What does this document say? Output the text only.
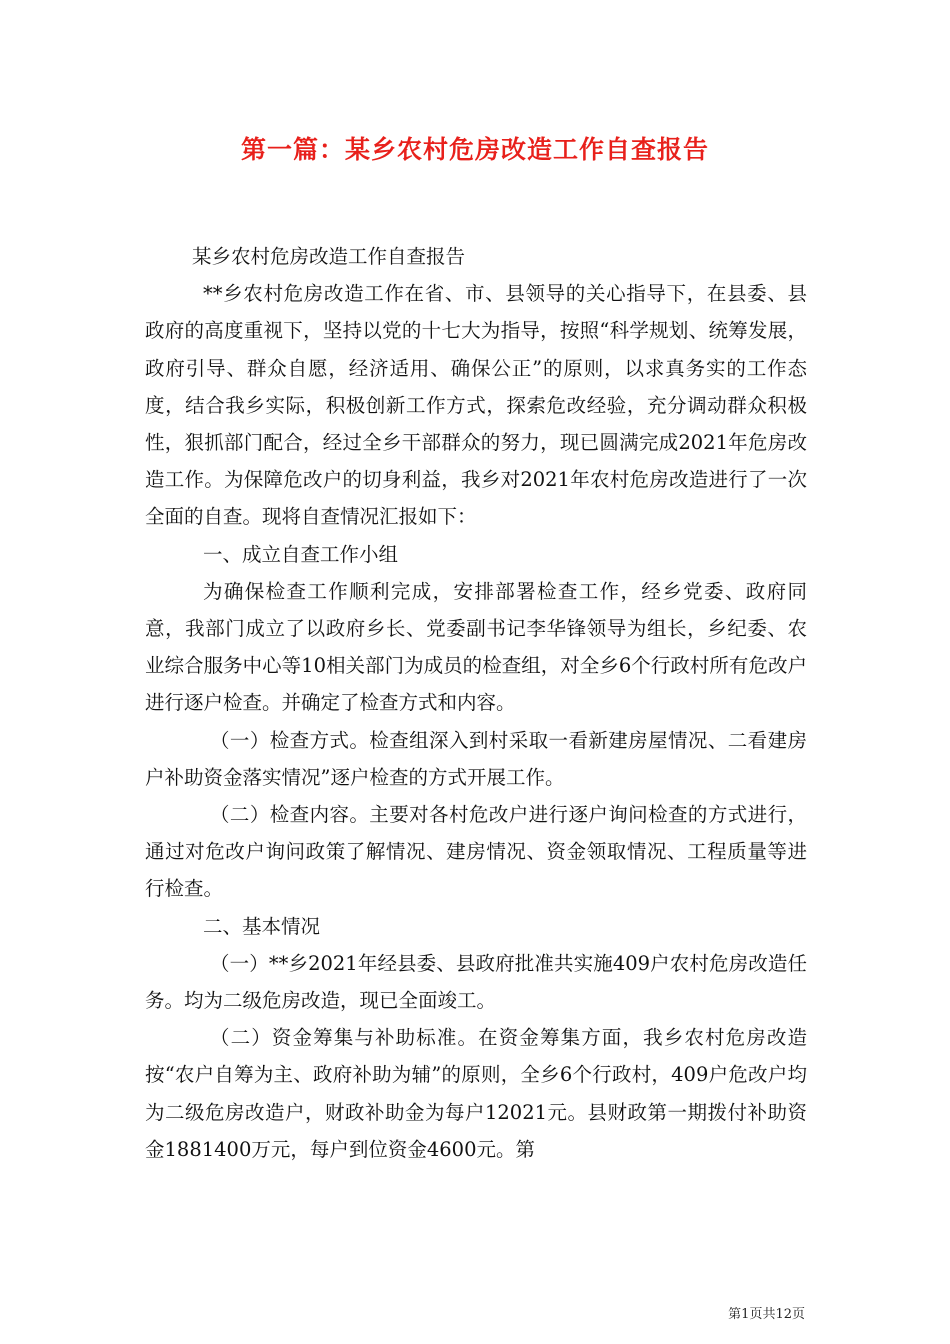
第一篇：某乡农村危房改造工作自查报告

某乡农村危房改造工作自查报告

**乡农村危房改造工作在省、市、县领导的关心指导下，在县委、县政府的高度重视下，坚持以党的十七大为指导，按照“科学规划、统筹发展，政府引导、群众自愿，经济适用、确保公正”的原则，以求真务实的工作态度，结合我乡实际，积极创新工作方式，探索危改经验，充分调动群众积极性，狠抓部门配合，经过全乡干部群众的努力，现已圆满完成2021年危房改造工作。为保障危改户的切身利益，我乡对2021年农村危房改造进行了一次全面的自查。现将自查情况汇报如下：

一、成立自查工作小组

为确保检查工作顺利完成，安排部署检查工作，经乡党委、政府同意，我部门成立了以政府乡长、党委副书记李华锋领导为组长，乡纪委、农业综合服务中心等10相关部门为成员的检查组，对全乡6个行政村所有危改户进行逐户检查。并确定了检查方式和内容。

（一）检查方式。检查组深入到村采取一看新建房屋情况、二看建房户补助资金落实情况”逐户检查的方式开展工作。

（二）检查内容。主要对各村危改户进行逐户询问检查的方式进行，通过对危改户询问政策了解情况、建房情况、资金领取情况、工程质量等进行检查。

二、基本情况

（一）**乡2021年经县委、县政府批准共实施409户农村危房改造任务。均为二级危房改造，现已全面竣工。

（二）资金筹集与补助标准。在资金筹集方面，我乡农村危房改造按“农户自筹为主、政府补助为辅”的原则，全乡6个行政村，409户危改户均为二级危房改造户，财政补助金为每户12021元。县财政第一期拨付补助资金1881400万元，每户到位资金4600元。第

第1页共12页
